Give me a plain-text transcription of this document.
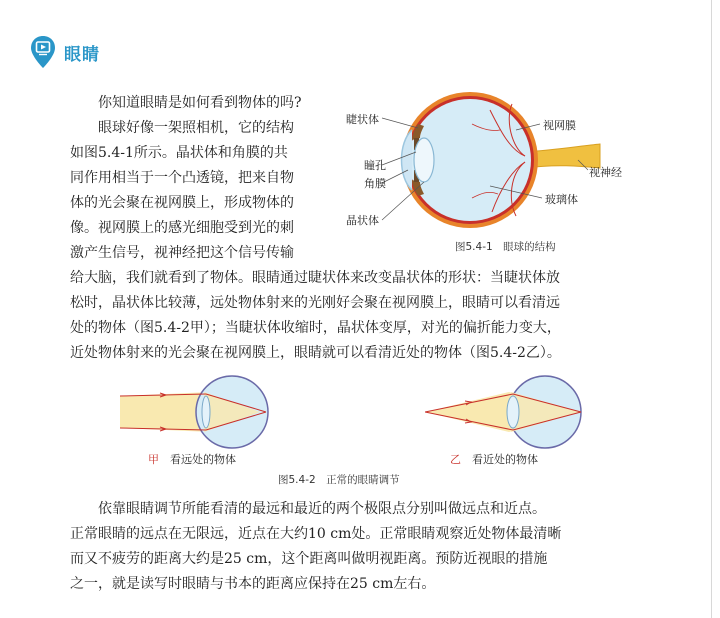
眼睛
你知道眼睛是如何看到物体的吗?
眼球好像一架照相机，它的结构
如图5.4-1所示。晶状体和角膜的共
同作用相当于一个凸透镜，把来自物
体的光会聚在视网膜上，形成物体的
像。视网膜上的感光细胞受到光的刺
激产生信号，视神经把这个信号传输
睫状体
瞳孔
角膜
晶状体
视网膜
视神经
玻璃体
图5.4-1　眼球的结构
给大脑，我们就看到了物体。眼睛通过睫状体来改变晶状体的形状：当睫状体放
松时，晶状体比较薄，远处物体射来的光刚好会聚在视网膜上，眼睛可以看清远
处的物体（图5.4-2甲）；当睫状体收缩时，晶状体变厚，对光的偏折能力变大，
近处物体射来的光会聚在视网膜上，眼睛就可以看清近处的物体（图5.4-2乙）。
甲 看远处的物体	乙 看近处的物体
图5.4-2　正常的眼睛调节
依靠眼睛调节所能看清的最远和最近的两个极限点分别叫做远点和近点。
正常眼睛的远点在无限远，近点在大约10 cm处。正常眼睛观察近处物体最清晰
而又不疲劳的距离大约是25 cm，这个距离叫做明视距离。预防近视眼的措施
之一，就是读写时眼睛与书本的距离应保持在25 cm左右。
